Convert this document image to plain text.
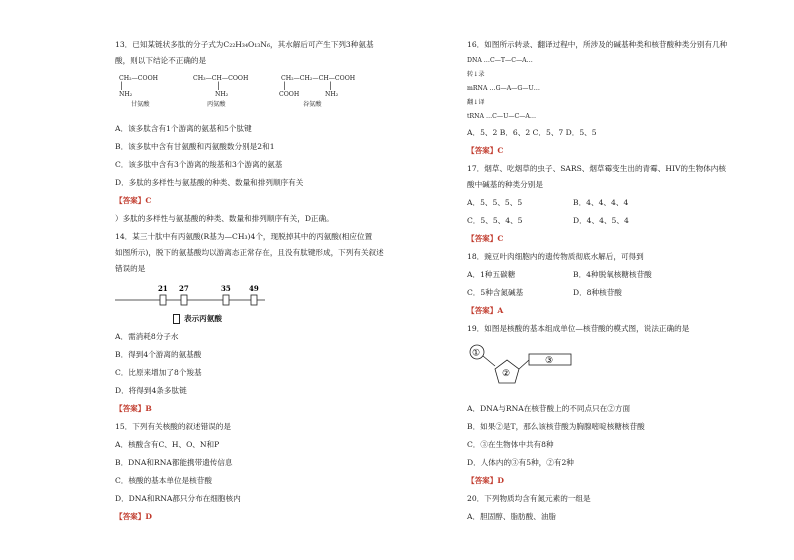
13．已知某链状多肽的分子式为C₂₂H₃₄O₁₃N₆，其水解后可产生下列3种氨基
酸，则以下结论不正确的是
CH₂—COOH
|
NH₂
甘氨酸
CH₃—CH—COOH
|
NH₂
丙氨酸
CH₂—CH₂—CH—COOH
|	|
COOH	NH₂
谷氨酸
A．该多肽含有1个游离的氨基和5个肽键
B．该多肽中含有甘氨酸和丙氨酸数分别是2和1
C．该多肽中含有3个游离的羧基和3个游离的氨基
D．多肽的多样性与氨基酸的种类、数量和排列顺序有关
【答案】C
）多肽的多样性与氨基酸的种类、数量和排列顺序有关，D正确。
14．某三十肽中有丙氨酸(R基为—CH₃)4个，现脱掉其中的丙氨酸(相应位置
如图所示)，脱下的氨基酸均以游离态正常存在，且没有肽键形成，下列有关叙述
错误的是
21 27	35	49
表示丙氨酸
A．需消耗8分子水
B．得到4个游离的氨基酸
C．比原来增加了8个羧基
D．将得到4条多肽链
【答案】B
15．下列有关核酸的叙述错误的是
A．核酸含有C、H、O、N和P
B．DNA和RNA都能携带遗传信息
C．核酸的基本单位是核苷酸
D．DNA和RNA都只分布在细胞核内
【答案】D
16．如图所示转录、翻译过程中，所涉及的碱基种类和核苷酸种类分别有几种
DNA …C—T—C—A…
转↓录
mRNA …G—A—G—U…
翻↓译
tRNA …C—U—C—A…
A．5、2 B．6、2 C．5、7 D．5、5
【答案】C
17．烟草、吃烟草的虫子、SARS、烟草霉变生出的青霉、HIV的生物体内核
酸中碱基的种类分别是
A．5、5、5、5	B．4、4、4、4
C．5、5、4、5	D．4、4、5、4
【答案】C
18．豌豆叶肉细胞内的遗传物质彻底水解后，可得到
A．1种五碳糖	B．4种脱氧核糖核苷酸
C．5种含氮碱基	D．8种核苷酸
【答案】A
19．如图是核酸的基本组成单位—核苷酸的模式图，说法正确的是
①
②
③
A．DNA与RNA在核苷酸上的不同点只在②方面
B．如果②是T，那么该核苷酸为胸腺嘧啶核糖核苷酸
C．③在生物体中共有8种
D．人体内的③有5种，②有2种
【答案】D
20．下列物质均含有氮元素的一组是
A．胆固醇、脂肪酸、油脂
